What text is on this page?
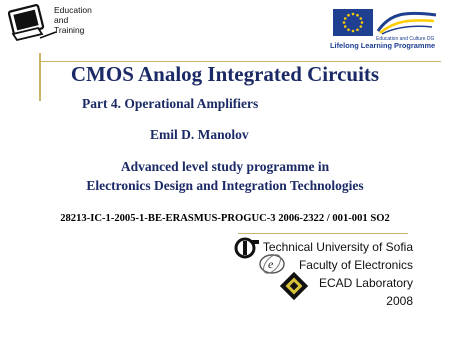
Education
and
Training
Education and Culture DG
Lifelong Learning Programme
CMOS Analog Integrated Circuits
Part 4. Operational Amplifiers
Emil D. Manolov
Advanced level study programme in
Electronics Design and Integration Technologies
28213-IC-1-2005-1-BE-ERASMUS-PROGUC-3 2006-2322 / 001-001 SO2
e
Technical University of Sofia
Faculty of Electronics
ECAD Laboratory
2008
